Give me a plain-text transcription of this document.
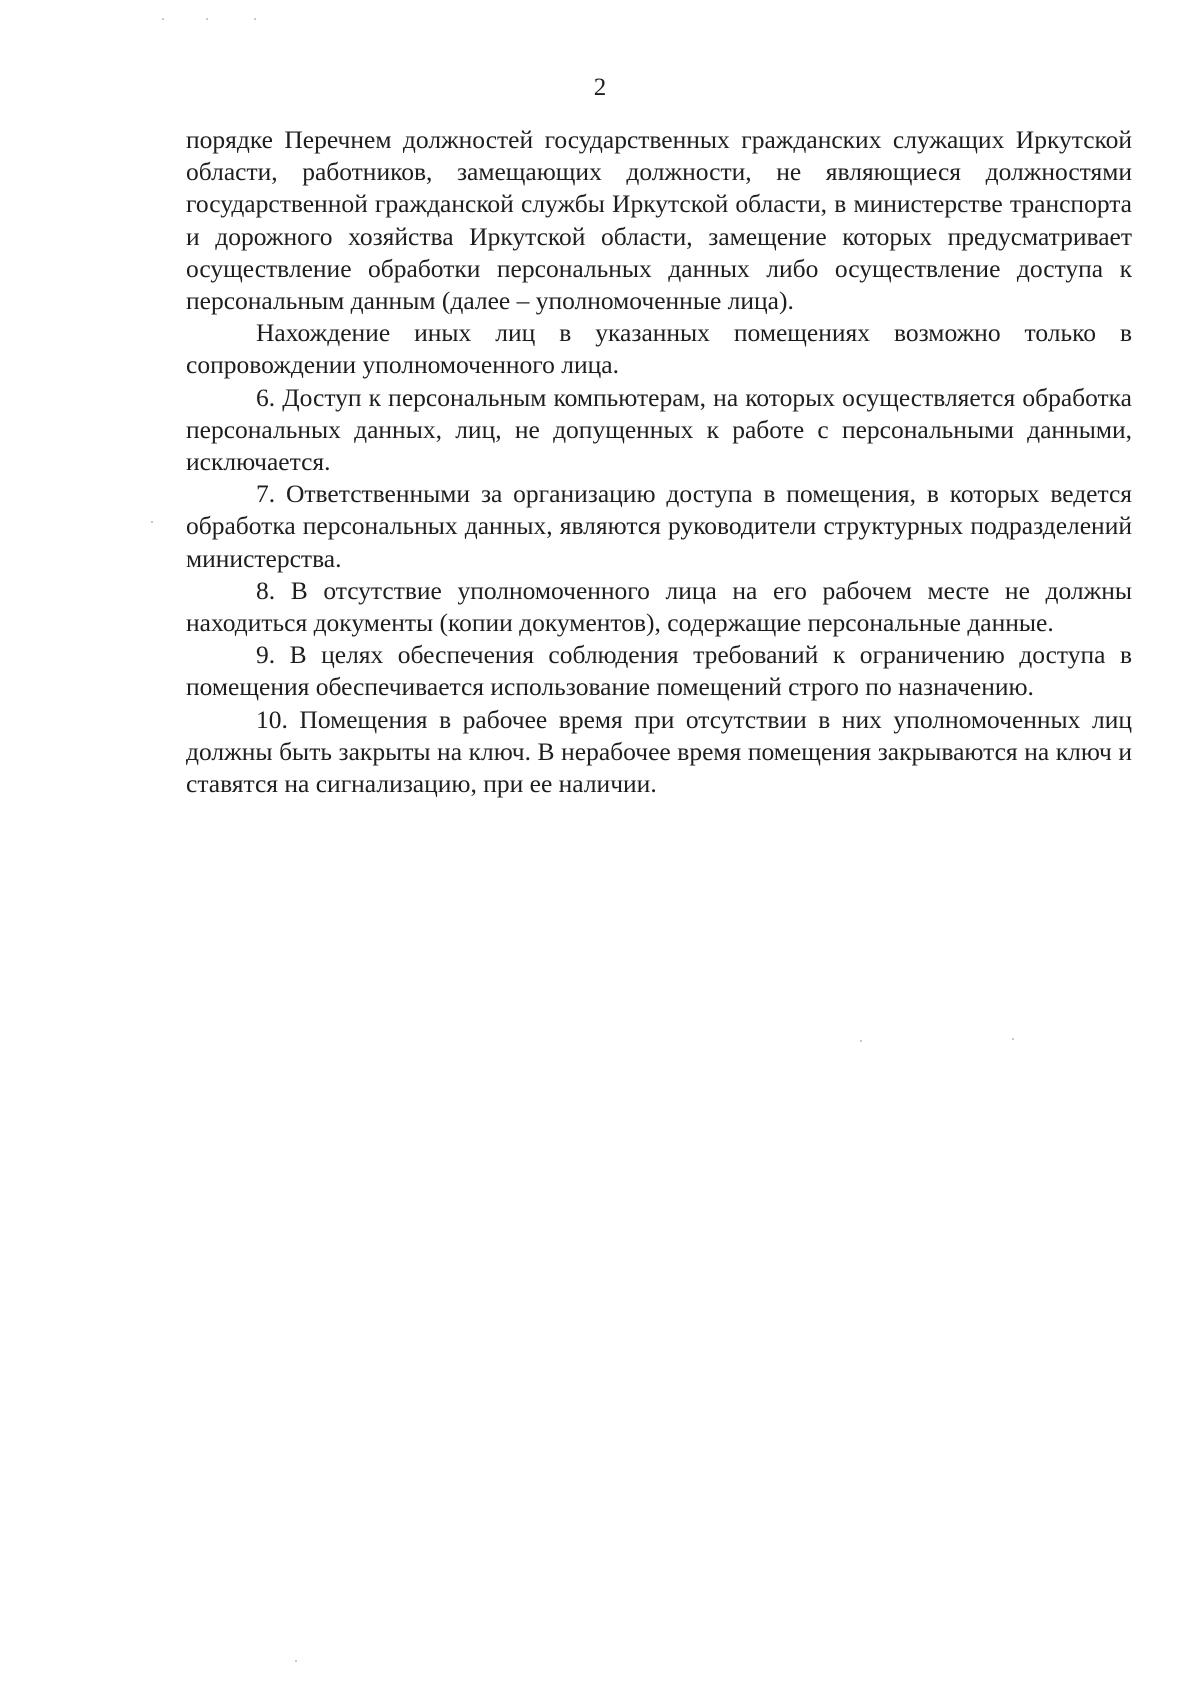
2

порядке Перечнем должностей государственных гражданских служащих Иркутской области, работников, замещающих должности, не являющиеся должностями государственной гражданской службы Иркутской области, в министерстве транспорта и дорожного хозяйства Иркутской области, замещение которых предусматривает осуществление обработки персональных данных либо осуществление доступа к персональным данным (далее – уполномоченные лица).

Нахождение иных лиц в указанных помещениях возможно только в сопровождении уполномоченного лица.

6. Доступ к персональным компьютерам, на которых осуществляется обработка персональных данных, лиц, не допущенных к работе с персональными данными, исключается.

7. Ответственными за организацию доступа в помещения, в которых ведется обработка персональных данных, являются руководители структурных подразделений министерства.

8. В отсутствие уполномоченного лица на его рабочем месте не должны находиться документы (копии документов), содержащие персональные данные.

9. В целях обеспечения соблюдения требований к ограничению доступа в помещения обеспечивается использование помещений строго по назначению.

10. Помещения в рабочее время при отсутствии в них уполномоченных лиц должны быть закрыты на ключ. В нерабочее время помещения закрываются на ключ и ставятся на сигнализацию, при ее наличии.
